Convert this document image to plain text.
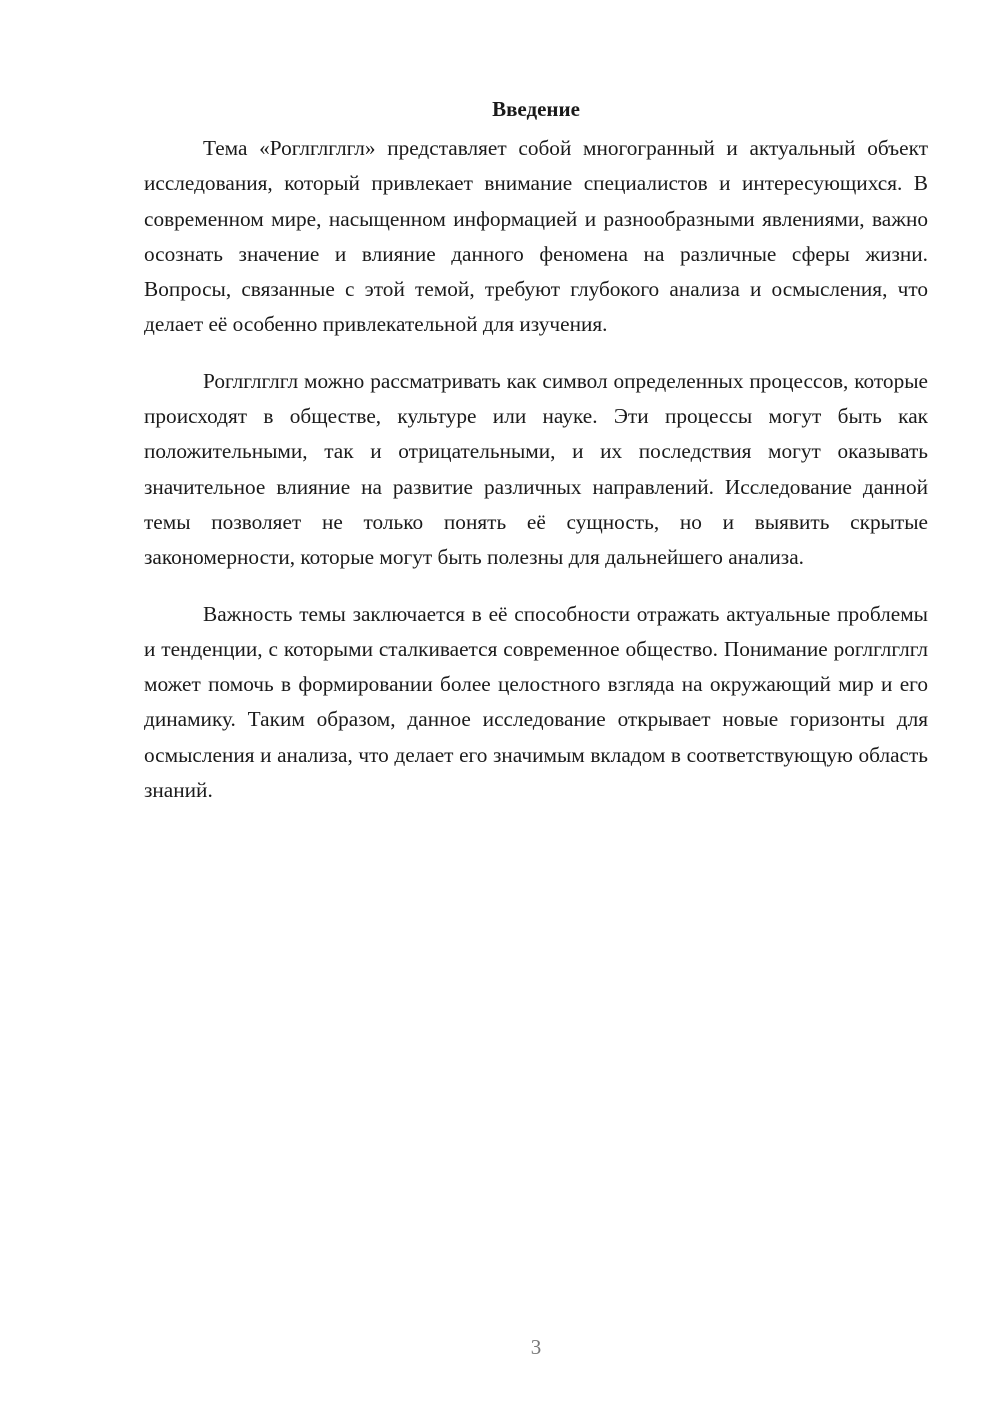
Введение

Тема «Роглглглгл» представляет собой многогранный и актуальный объект исследования, который привлекает внимание специалистов и интересующихся. В современном мире, насыщенном информацией и разнообразными явлениями, важно осознать значение и влияние данного феномена на различные сферы жизни. Вопросы, связанные с этой темой, требуют глубокого анализа и осмысления, что делает её особенно привлекательной для изучения.

Роглглглгл можно рассматривать как символ определенных процессов, которые происходят в обществе, культуре или науке. Эти процессы могут быть как положительными, так и отрицательными, и их последствия могут оказывать значительное влияние на развитие различных направлений. Исследование данной темы позволяет не только понять её сущность, но и выявить скрытые закономерности, которые могут быть полезны для дальнейшего анализа.

Важность темы заключается в её способности отражать актуальные проблемы и тенденции, с которыми сталкивается современное общество. Понимание роглглглгл может помочь в формировании более целостного взгляда на окружающий мир и его динамику. Таким образом, данное исследование открывает новые горизонты для осмысления и анализа, что делает его значимым вкладом в соответствующую область знаний.

3
